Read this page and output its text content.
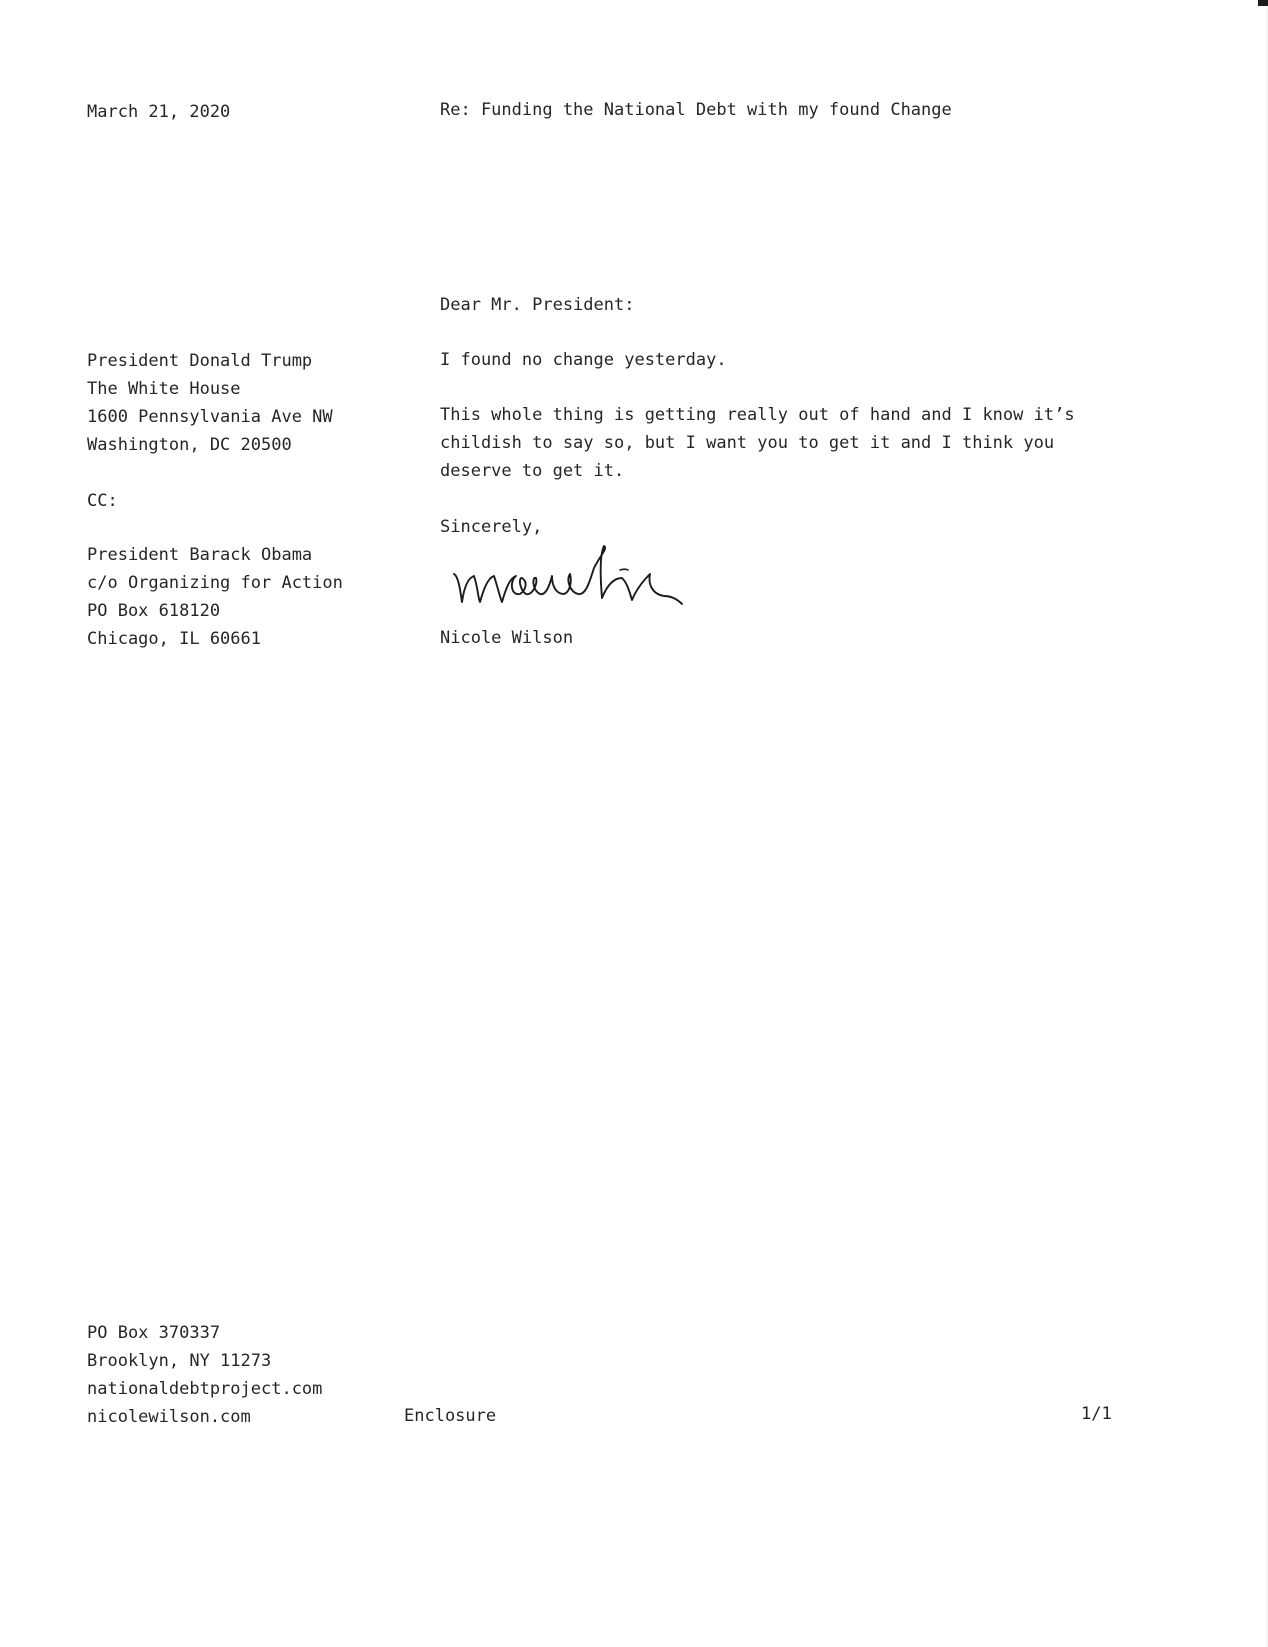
March 21, 2020	Re: Funding the National Debt with my found Change
Dear Mr. President:
President Donald Trump
The White House
1600 Pennsylvania Ave NW
Washington, DC 20500
CC:
President Barack Obama
c/o Organizing for Action
PO Box 618120
Chicago, IL 60661
I found no change yesterday.
This whole thing is getting really out of hand and I know it’s
childish to say so, but I want you to get it and I think you
deserve to get it.
Sincerely,
Nicole Wilson
PO Box 370337
Brooklyn, NY 11273
nationaldebtproject.com
nicolewilson.com	Enclosure	1/1
